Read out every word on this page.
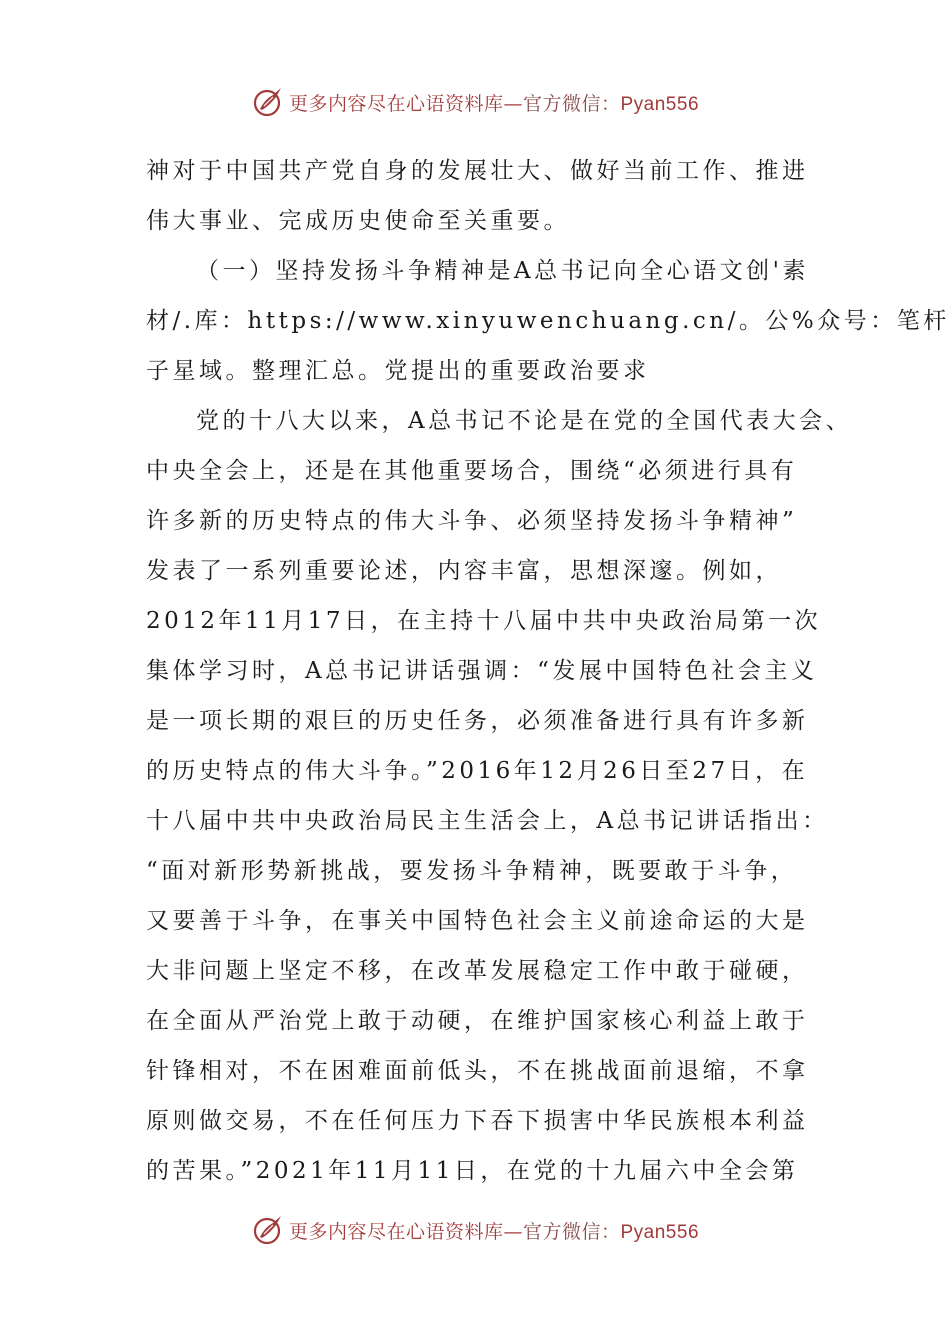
更多内容尽在心语资料库—官方微信：Pyan556
神对于中国共产党自身的发展壮大、做好当前工作、推进
伟大事业、完成历史使命至关重要。
（一）坚持发扬斗争精神是A总书记向全心语文创'素
材/.库：https://www.xinyuwenchuang.cn/。公%众号：笔杆
子星域。整理汇总。党提出的重要政治要求
党的十八大以来，A总书记不论是在党的全国代表大会、
中央全会上，还是在其他重要场合，围绕“必须进行具有
许多新的历史特点的伟大斗争、必须坚持发扬斗争精神”
发表了一系列重要论述，内容丰富，思想深邃。例如，
2012年11月17日，在主持十八届中共中央政治局第一次
集体学习时，A总书记讲话强调：“发展中国特色社会主义
是一项长期的艰巨的历史任务，必须准备进行具有许多新
的历史特点的伟大斗争。”2016年12月26日至27日，在
十八届中共中央政治局民主生活会上，A总书记讲话指出：
“面对新形势新挑战，要发扬斗争精神，既要敢于斗争，
又要善于斗争，在事关中国特色社会主义前途命运的大是
大非问题上坚定不移，在改革发展稳定工作中敢于碰硬，
在全面从严治党上敢于动硬，在维护国家核心利益上敢于
针锋相对，不在困难面前低头，不在挑战面前退缩，不拿
原则做交易，不在任何压力下吞下损害中华民族根本利益
的苦果。”2021年11月11日，在党的十九届六中全会第
更多内容尽在心语资料库—官方微信：Pyan556
